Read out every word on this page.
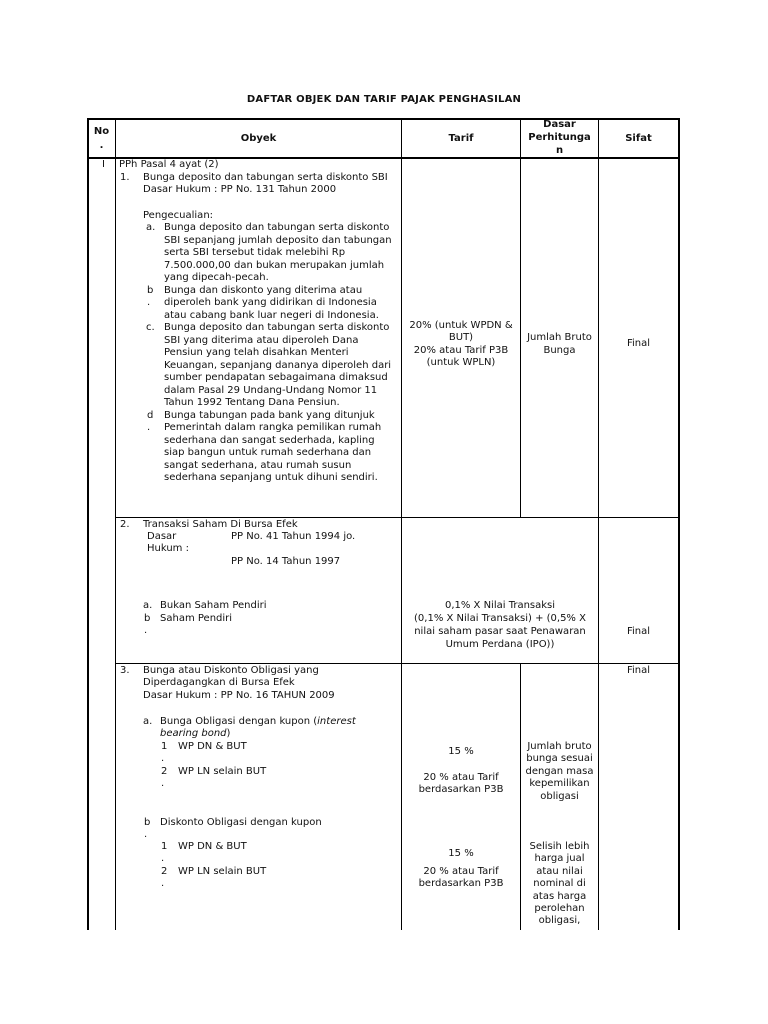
DAFTAR OBJEK DAN TARIF PAJAK PENGHASILAN
No
.
Obyek	Tarif
Dasar
Perhitunga
n
Sifat
I PPh Pasal 4 ayat (2)
1. Bunga deposito dan tabungan serta diskonto SBI
Dasar Hukum : PP No. 131 Tahun 2000
Pengecualian:
a. Bunga deposito dan tabungan serta diskonto
SBI sepanjang jumlah deposito dan tabungan
serta SBI tersebut tidak melebihi Rp
7.500.000,00 dan bukan merupakan jumlah
yang dipecah-pecah.
b
.
Bunga dan diskonto yang diterima atau
diperoleh bank yang didirikan di Indonesia
atau cabang bank luar negeri di Indonesia.
c. Bunga deposito dan tabungan serta diskonto
SBI yang diterima atau diperoleh Dana
Pensiun yang telah disahkan Menteri
Keuangan, sepanjang dananya diperoleh dari
sumber pendapatan sebagaimana dimaksud
dalam Pasal 29 Undang-Undang Nomor 11
Tahun 1992 Tentang Dana Pensiun.
d
.
Bunga tabungan pada bank yang ditunjuk
Pemerintah dalam rangka pemilikan rumah
sederhana dan sangat sederhada, kapling
siap bangun untuk rumah sederhana dan
sangat sederhana, atau rumah susun
sederhana sepanjang untuk dihuni sendiri.
20% (untuk WPDN &
BUT)
20% atau Tarif P3B
(untuk WPLN)
Jumlah Bruto
Bunga
Final
2. Transaksi Saham Di Bursa Efek
Dasar
Hukum :
PP No. 41 Tahun 1994 jo.
PP No. 14 Tahun 1997
a. Bukan Saham Pendiri
b
.
Saham Pendiri
0,1% X Nilai Transaksi
(0,1% X Nilai Transaksi) + (0,5% X
nilai saham pasar saat Penawaran
Umum Perdana (IPO))
Final
3. Bunga atau Diskonto Obligasi yang
Diperdagangkan di Bursa Efek
Dasar Hukum : PP No. 16 TAHUN 2009
a. Bunga Obligasi dengan kupon (interest
bearing bond)
1
.
WP DN & BUT
2
.
WP LN selain BUT
15 %
20 % atau Tarif
berdasarkan P3B
Jumlah bruto
bunga sesuai
dengan masa
kepemilikan
obligasi
b
.
Diskonto Obligasi dengan kupon
1
.
WP DN & BUT
2
.
WP LN selain BUT
15 %
20 % atau Tarif
berdasarkan P3B
Selisih lebih
harga jual
atau nilai
nominal di
atas harga
perolehan
obligasi,
Final
